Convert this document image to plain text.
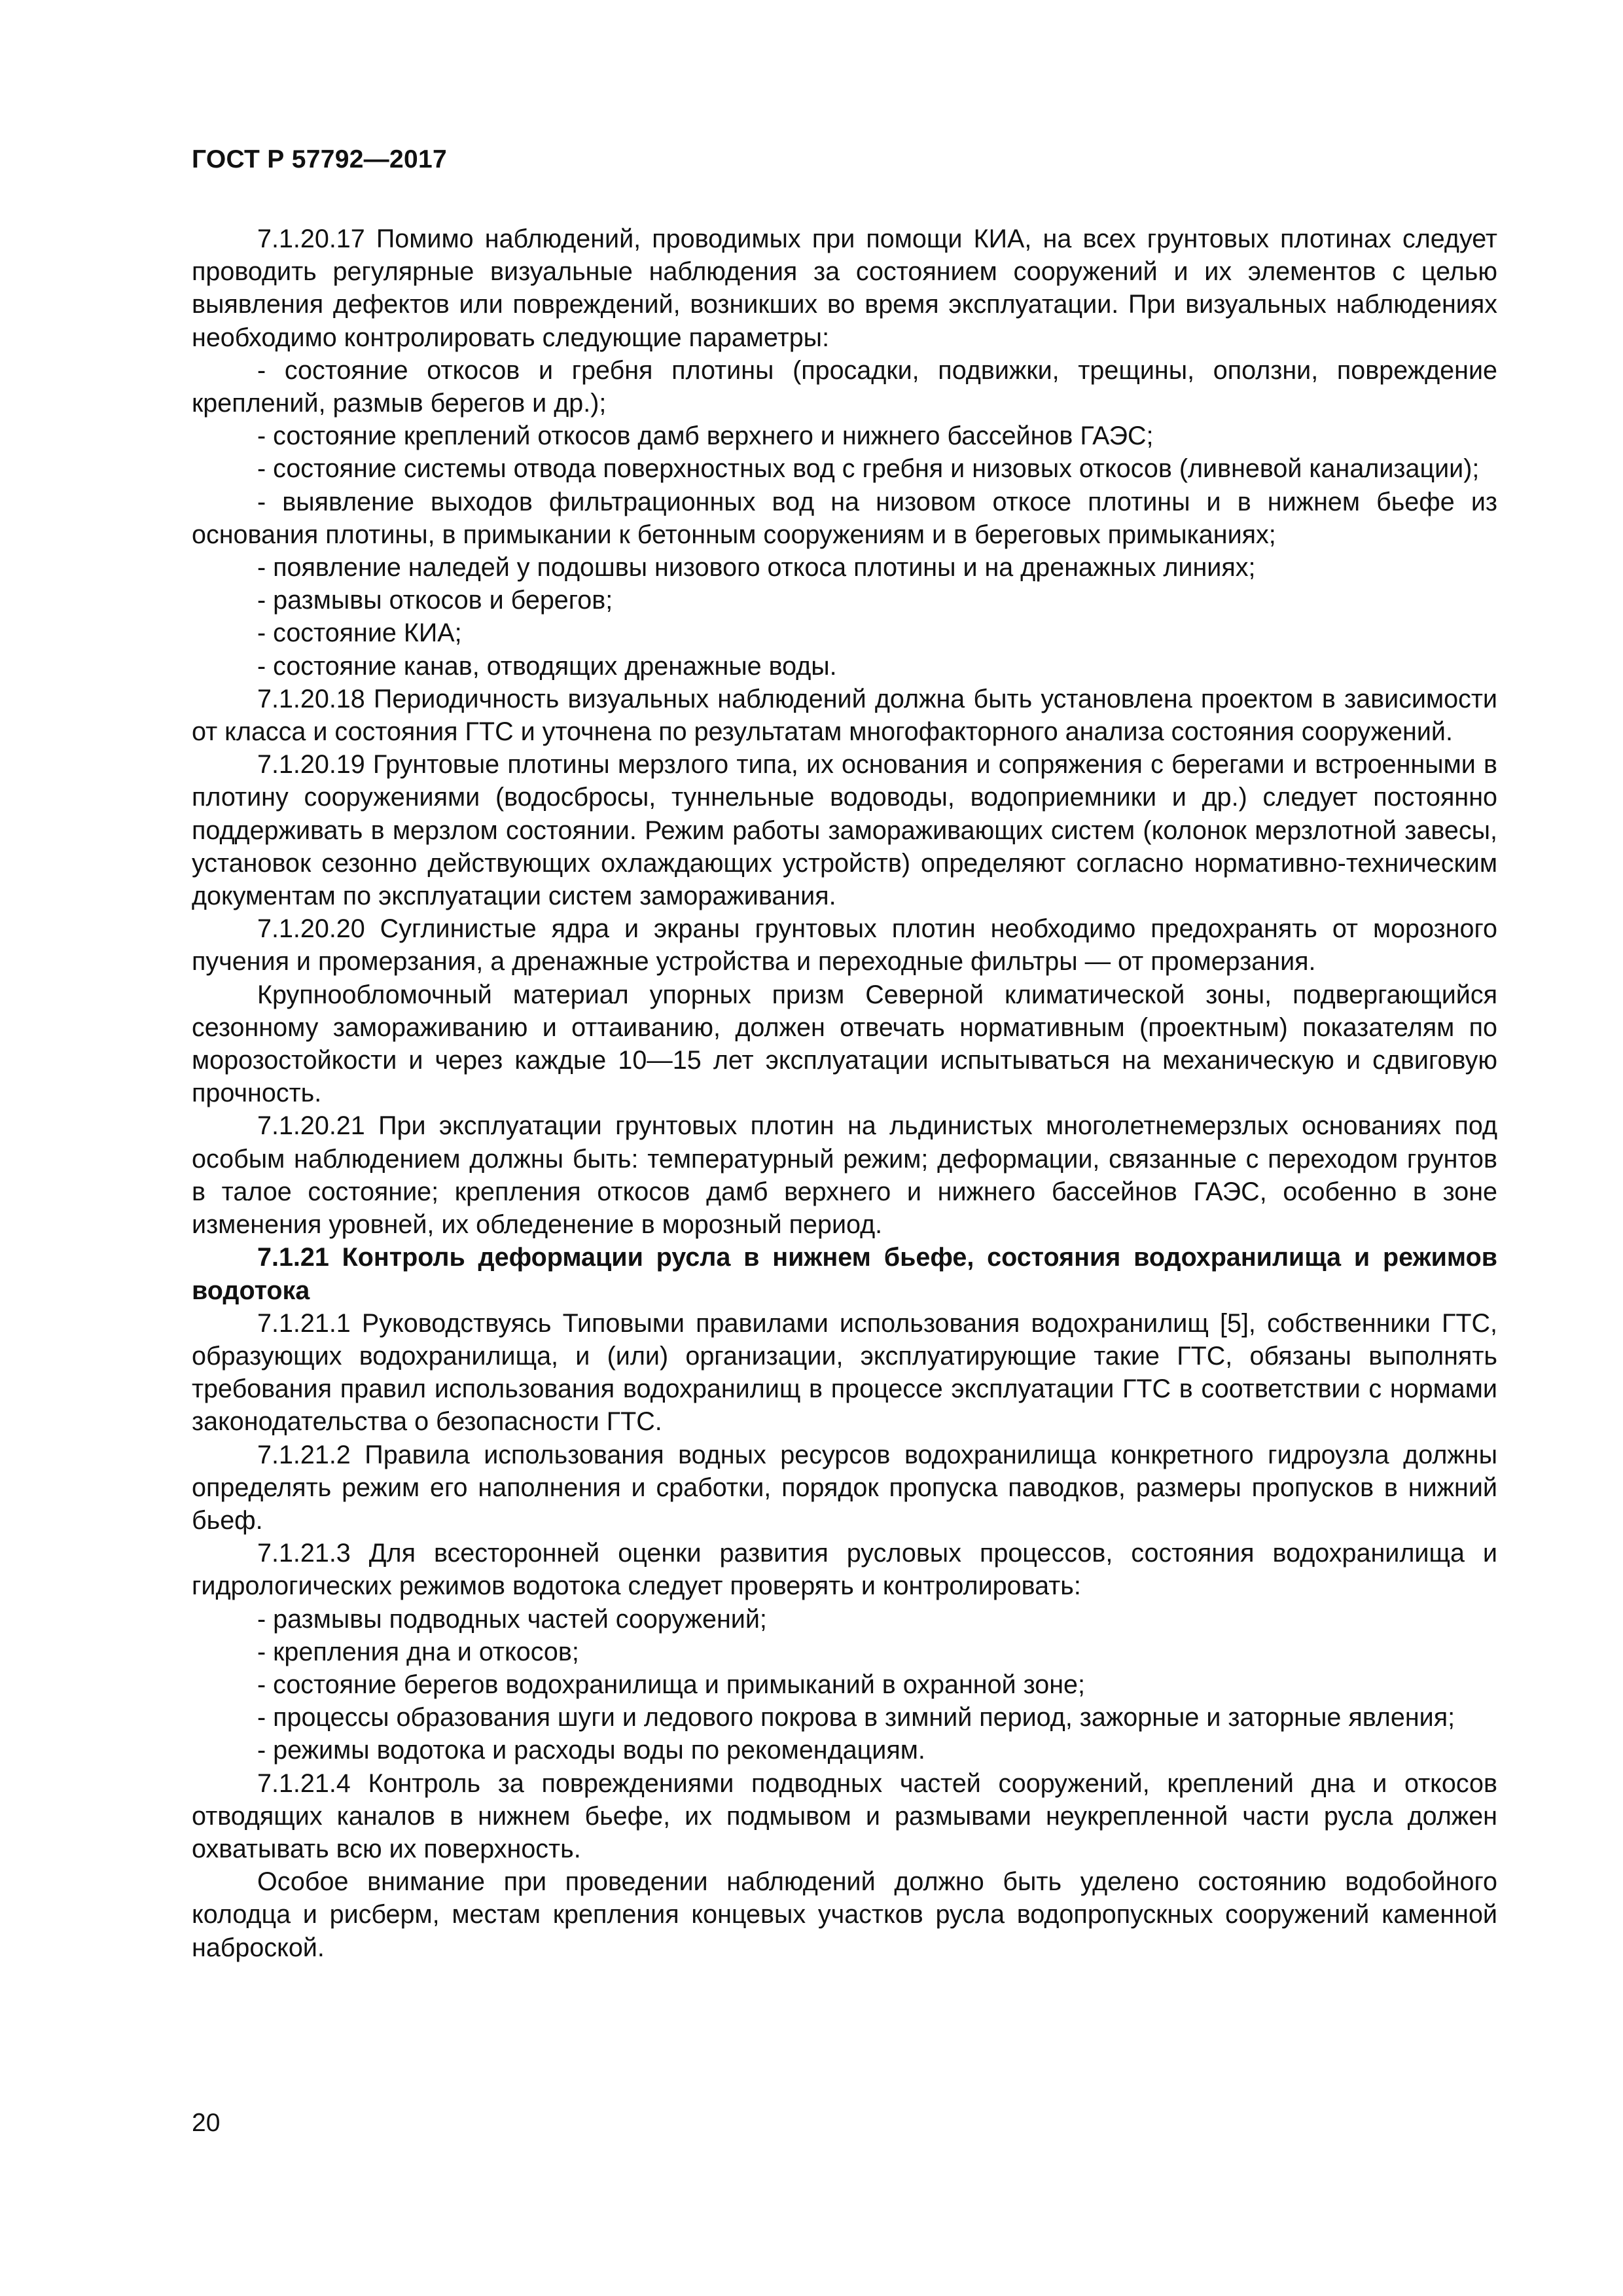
ГОСТ Р 57792—2017

7.1.20.17 Помимо наблюдений, проводимых при помощи КИА, на всех грунтовых плотинах следует проводить регулярные визуальные наблюдения за состоянием сооружений и их элементов с целью выявления дефектов или повреждений, возникших во время эксплуатации. При визуальных наблюдениях необходимо контролировать следующие параметры:

- состояние откосов и гребня плотины (просадки, подвижки, трещины, оползни, повреждение креплений, размыв берегов и др.);

- состояние креплений откосов дамб верхнего и нижнего бассейнов ГАЭС;

- состояние системы отвода поверхностных вод с гребня и низовых откосов (ливневой канализации);

- выявление выходов фильтрационных вод на низовом откосе плотины и в нижнем бьефе из основания плотины, в примыкании к бетонным сооружениям и в береговых примыканиях;

- появление наледей у подошвы низового откоса плотины и на дренажных линиях;

- размывы откосов и берегов;

- состояние КИА;

- состояние канав, отводящих дренажные воды.

7.1.20.18 Периодичность визуальных наблюдений должна быть установлена проектом в зависимости от класса и состояния ГТС и уточнена по результатам многофакторного анализа состояния сооружений.

7.1.20.19 Грунтовые плотины мерзлого типа, их основания и сопряжения с берегами и встроенными в плотину сооружениями (водосбросы, туннельные водоводы, водоприемники и др.) следует постоянно поддерживать в мерзлом состоянии. Режим работы замораживающих систем (колонок мерзлотной завесы, установок сезонно действующих охлаждающих устройств) определяют согласно нормативно-техническим документам по эксплуатации систем замораживания.

7.1.20.20 Суглинистые ядра и экраны грунтовых плотин необходимо предохранять от морозного пучения и промерзания, а дренажные устройства и переходные фильтры — от промерзания.

Крупнообломочный материал упорных призм Северной климатической зоны, подвергающийся сезонному замораживанию и оттаиванию, должен отвечать нормативным (проектным) показателям по морозостойкости и через каждые 10—15 лет эксплуатации испытываться на механическую и сдвиговую прочность.

7.1.20.21 При эксплуатации грунтовых плотин на льдинистых многолетнемерзлых основаниях под особым наблюдением должны быть: температурный режим; деформации, связанные с переходом грунтов в талое состояние; крепления откосов дамб верхнего и нижнего бассейнов ГАЭС, особенно в зоне изменения уровней, их обледенение в морозный период.

7.1.21 Контроль деформации русла в нижнем бьефе, состояния водохранилища и режимов водотока

7.1.21.1 Руководствуясь Типовыми правилами использования водохранилищ [5], собственники ГТС, образующих водохранилища, и (или) организации, эксплуатирующие такие ГТС, обязаны выполнять требования правил использования водохранилищ в процессе эксплуатации ГТС в соответствии с нормами законодательства о безопасности ГТС.

7.1.21.2 Правила использования водных ресурсов водохранилища конкретного гидроузла должны определять режим его наполнения и сработки, порядок пропуска паводков, размеры пропусков в нижний бьеф.

7.1.21.3 Для всесторонней оценки развития русловых процессов, состояния водохранилища и гидрологических режимов водотока следует проверять и контролировать:

- размывы подводных частей сооружений;

- крепления дна и откосов;

- состояние берегов водохранилища и примыканий в охранной зоне;

- процессы образования шуги и ледового покрова в зимний период, зажорные и заторные явления;

- режимы водотока и расходы воды по рекомендациям.

7.1.21.4 Контроль за повреждениями подводных частей сооружений, креплений дна и откосов отводящих каналов в нижнем бьефе, их подмывом и размывами неукрепленной части русла должен охватывать всю их поверхность.

Особое внимание при проведении наблюдений должно быть уделено состоянию водобойного колодца и рисберм, местам крепления концевых участков русла водопропускных сооружений каменной наброской.

20
